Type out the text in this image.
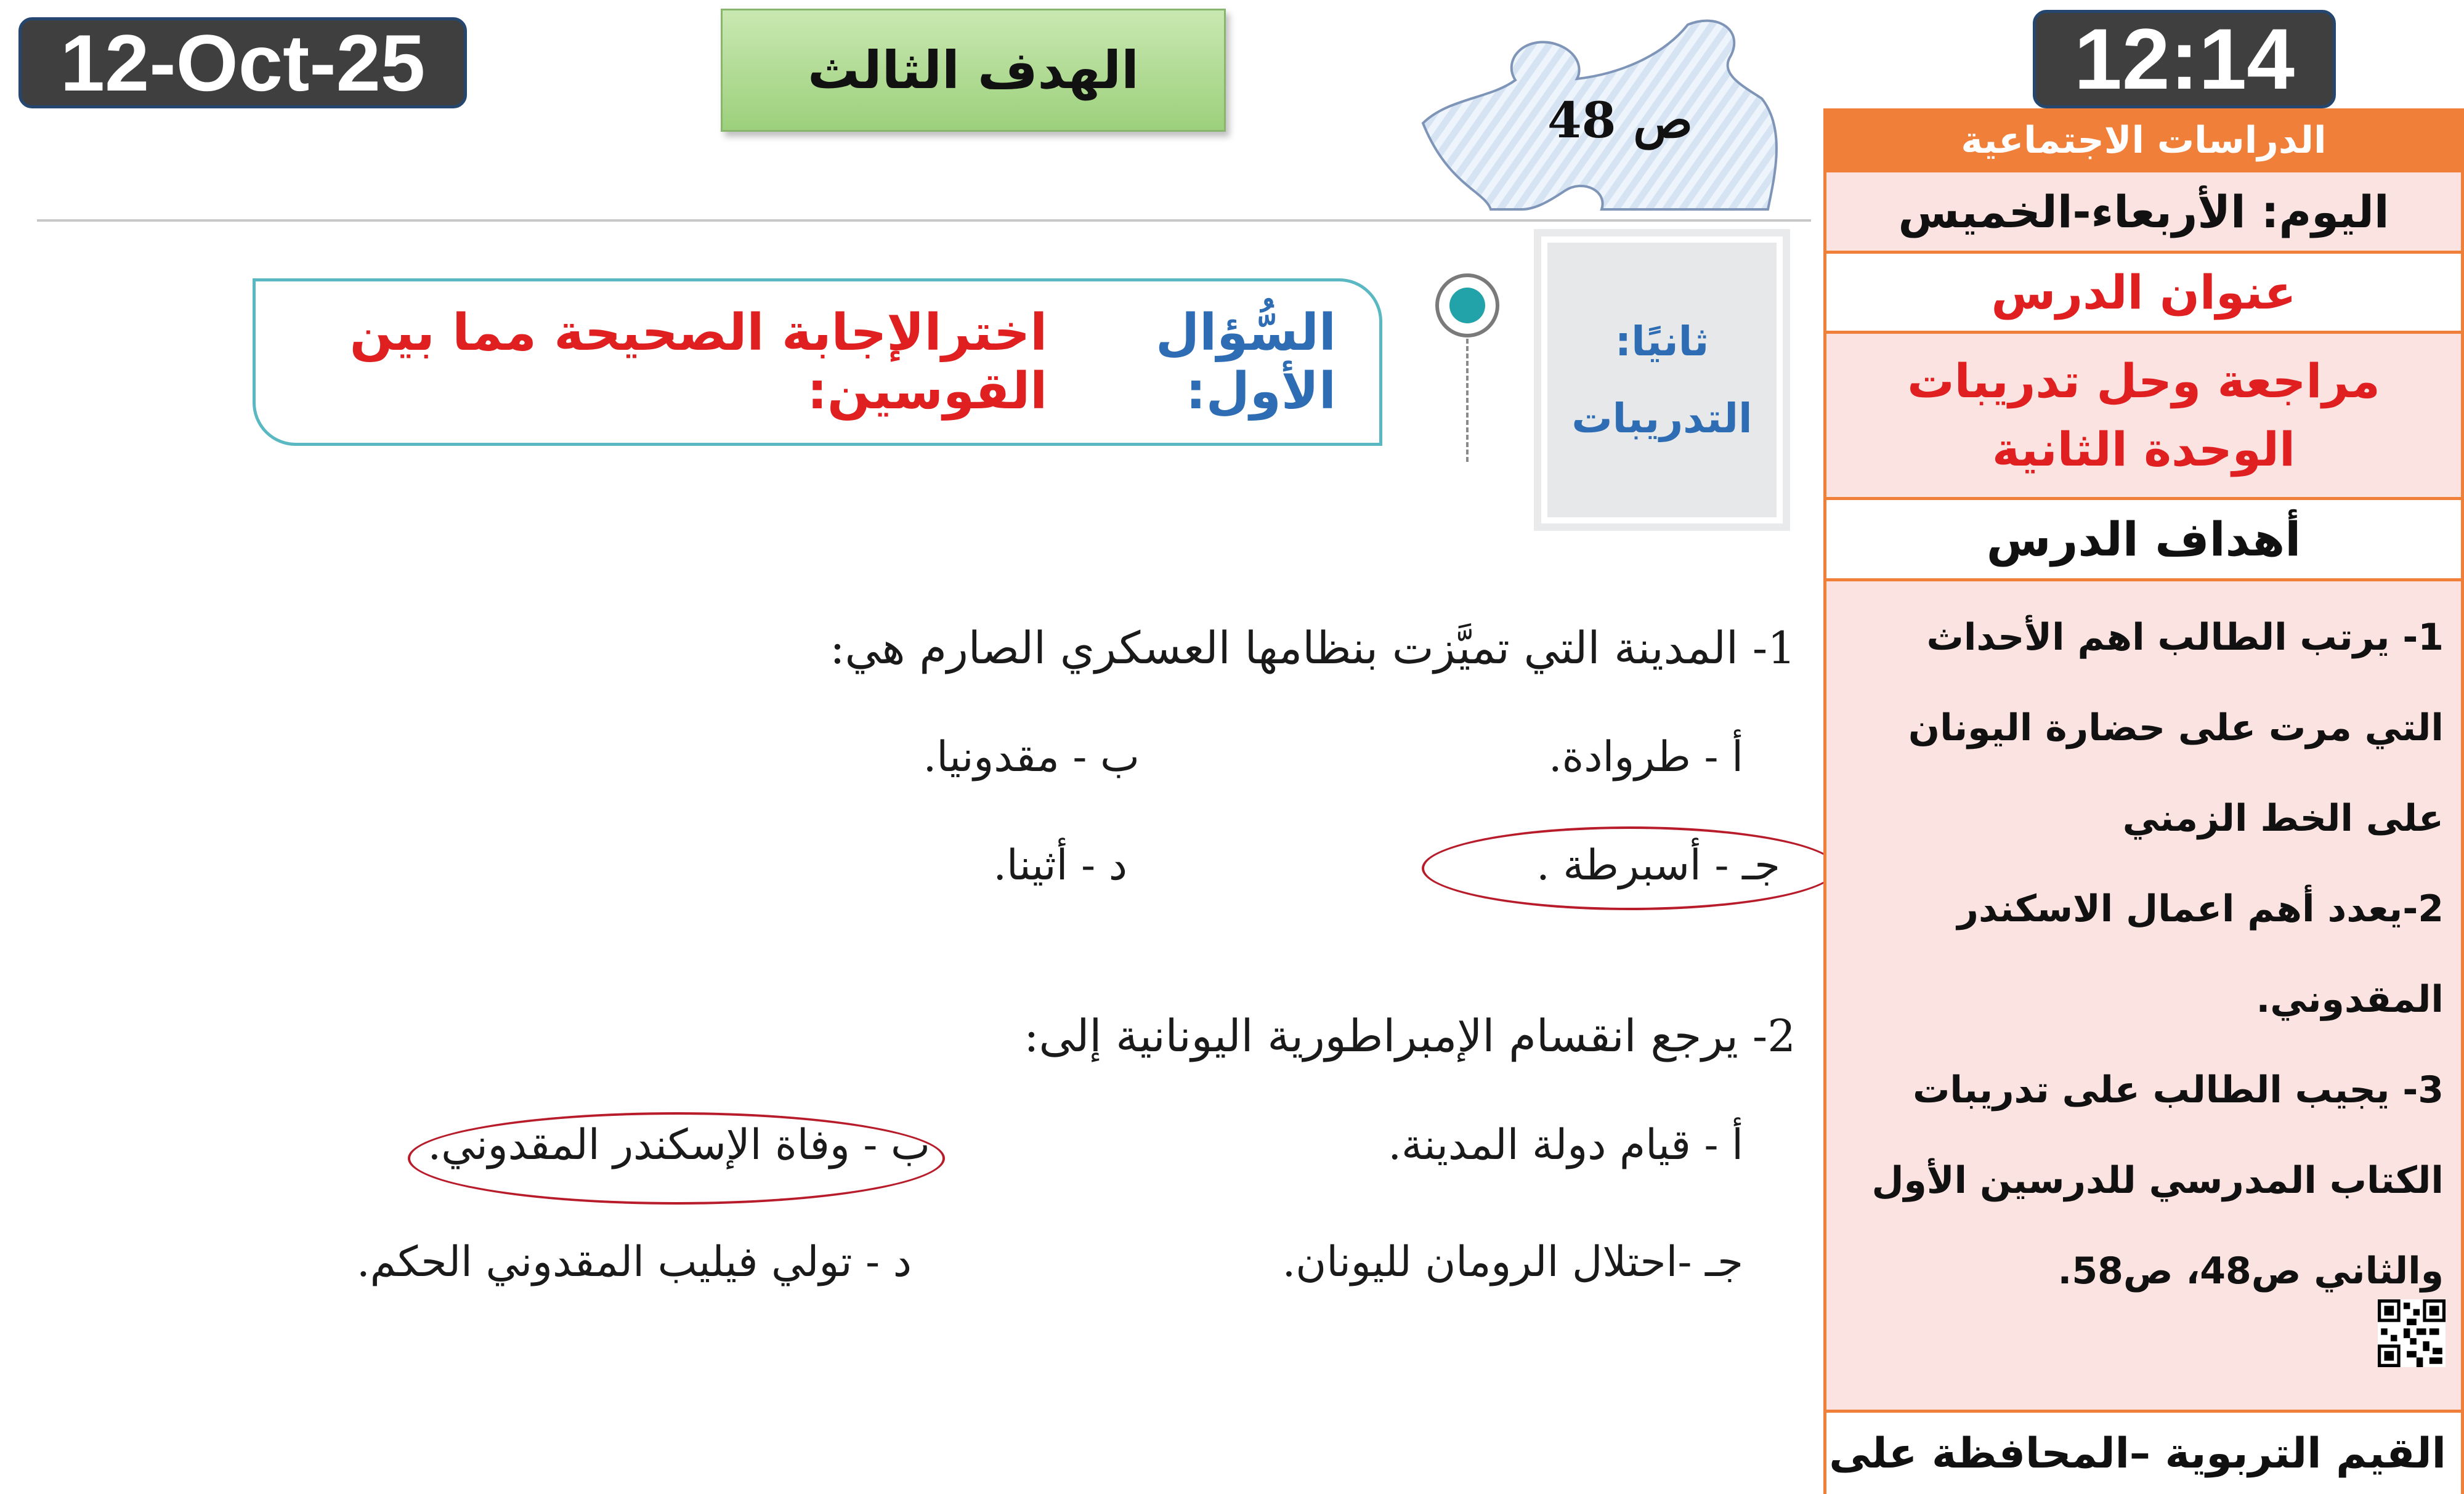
12-Oct-25	12:14
الهدف الثالث
ص 48
ثانيًا:
التدريبات
السُّؤال الأول:
اخترالإجابة الصحيحة مما بين القوسين:
1- المدينة التي تميَّزت بنظامها العسكري الصارم هي:
أ - طروادة.
ب - مقدونيا.
جـ - أسبرطة .
د - أثينا.
2- يرجع انقسام الإمبراطورية اليونانية إلى:
أ - قيام دولة المدينة.
ب - وفاة الإسكندر المقدوني.
جـ -احتلال الرومان لليونان.
د - تولي فيليب المقدوني الحكم.
الدراسات الاجتماعية
اليوم: الأربعاء-الخميس
عنوان الدرس
مراجعة وحل تدريبات الوحدة الثانية
أهداف الدرس

1- يرتب الطالب اهم الأحداث التي مرت على حضارة اليونان على الخط الزمني

2-يعدد أهم اعمال الاسكندر المقدوني.

3- يجيب الطالب على تدريبات الكتاب المدرسي للدرسين الأول والثاني ص48، ص58.

القيم التربوية –المحافظة على
